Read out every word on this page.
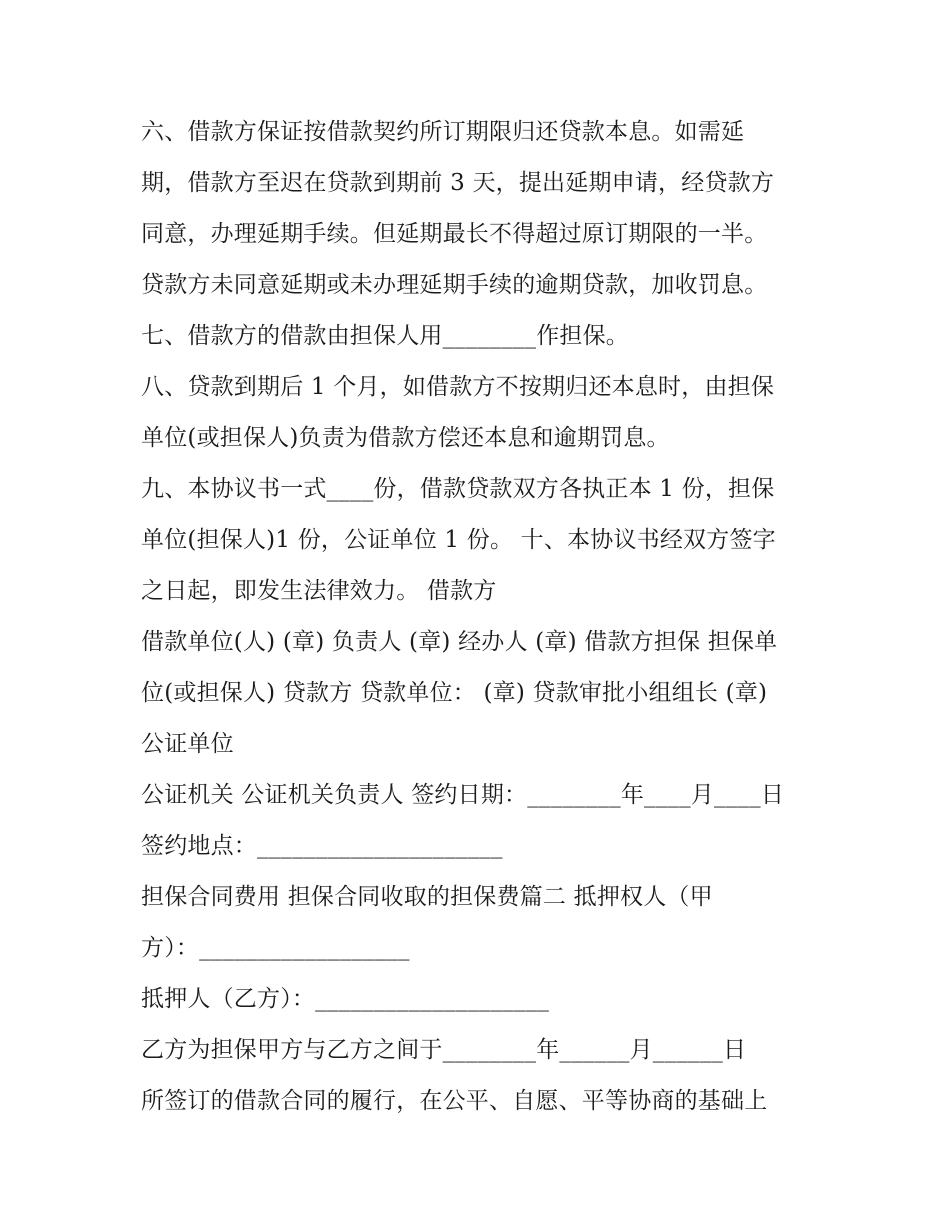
六、借款方保证按借款契约所订期限归还贷款本息。如需延
期，借款方至迟在贷款到期前 3 天，提出延期申请，经贷款方
同意，办理延期手续。但延期最长不得超过原订期限的一半。
贷款方未同意延期或未办理延期手续的逾期贷款，加收罚息。
七、借款方的借款由担保人用________作担保。
八、贷款到期后 1 个月，如借款方不按期归还本息时，由担保
单位(或担保人)负责为借款方偿还本息和逾期罚息。
九、本协议书一式____份，借款贷款双方各执正本 1 份，担保
单位(担保人)1 份，公证单位 1 份。 十、本协议书经双方签字
之日起，即发生法律效力。 借款方
借款单位(人) (章) 负责人 (章) 经办人 (章) 借款方担保 担保单
位(或担保人) 贷款方 贷款单位： (章) 贷款审批小组组长 (章)
公证单位
公证机关 公证机关负责人 签约日期：________年____月____日
签约地点：_____________________
担保合同费用 担保合同收取的担保费篇二 抵押权人（甲
方）：__________________
抵押人（乙方）：____________________
乙方为担保甲方与乙方之间于________年______月______日
所签订的借款合同的履行，在公平、自愿、平等协商的基础上
